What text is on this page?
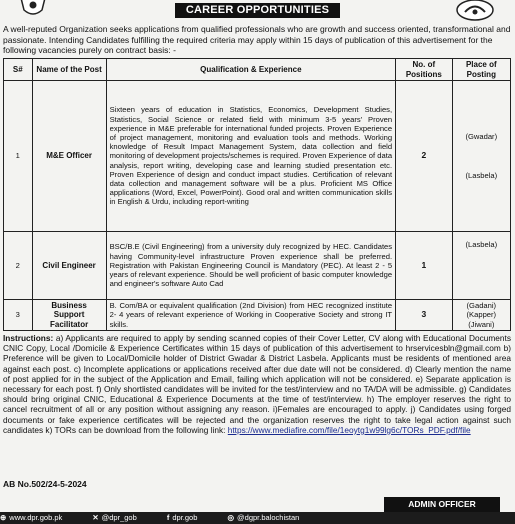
CAREER OPPORTUNITIES
A well-reputed Organization seeks applications from qualified professionals who are growth and success oriented, transformational and passionate. Intending Candidates fulfilling the required criteria may apply within 15 days of publication of this advertisement for the following vacancies purely on contract basis: -
S#	Name of the Post	Qualification & Experience	No. of Positions	Place of Posting
1	M&E Officer	Sixteen years of education in Statistics, Economics, Development Studies, Statistics, Social Science or related field with minimum 3-5 years' Proven experience in M&E preferable for international funded projects. Proven Experience of project management, monitoring and evaluation tools and methods. Working knowledge of Result Impact Management System, data collection and field monitoring of development projects/schemes is required. Proven Experience of data analysis, report writing, developing case and learning studied presentation etc. Proven Experience of design and conduct impact studies. Certification of relevant data collection and management software will be a plus. Proficient MS Office applications (Word, Excel, PowerPoint). Good oral and written communication skills in English & Urdu, including report-writing	2	(Gwadar)
(Lasbela)

2	Civil Engineer	BSC/B.E (Civil Engineering) from a university duly recognized by HEC. Candidates having Community-level infrastructure Proven experience shall be preferred. Registration with Pakistan Engineering Council is Mandatory (PEC). At least 2 - 5 years of relevant experience. Should be well proficient of basic computer knowledge and engineer's software Auto Cad	1	(Lasbela)

3	Business Support Facilitator	B. Com/BA or equivalent qualification (2nd Division) from HEC recognized institute 2- 4 years of relevant experience of Working in Cooperative Society and strong IT skills.	3	(Gadani)
(Kapper)
(Jiwani)
Instructions: a) Applicants are required to apply by sending scanned copies of their Cover Letter, CV along with Educational Documents CNIC Copy, Local /Domicile & Experience Certificates within 15 days of publication of this advertisement to hrservicesbln@gmail.com b) Preference will be given to Local/Domicile holder of District Gwadar & District Lasbela. Applicants must be residents of mentioned area against each post. c) Incomplete applications or applications received after due date will not be considered. d) Clearly mention the name of post applied for in the subject of the Application and Email, failing which application will not be considered. e) Separate application is necessary for each post. f) Only shortlisted candidates will be invited for the test/interview and no TA/DA will be admissible. g) Candidates should bring original CNIC, Educational & Experience Documents at the time of test/interview. h) The employer reserves the right to cancel recruitment of all or any position without assigning any reason. i)Females are encouraged to apply. j) Candidates using forged documents or fake experience certificates will be rejected and the organization reserves the right to take legal action against such candidates k) TORs can be download from the following link: https://www.mediafire.com/file/1eoytg1w99lg6c/TORs_PDF.pdf/file
AB No.502/24-5-2024
ADMIN OFFICER
⊕ www.dpr.gob.pk	✕ @dpr_gob	f dpr.gob	◎ @dgpr.balochistan
